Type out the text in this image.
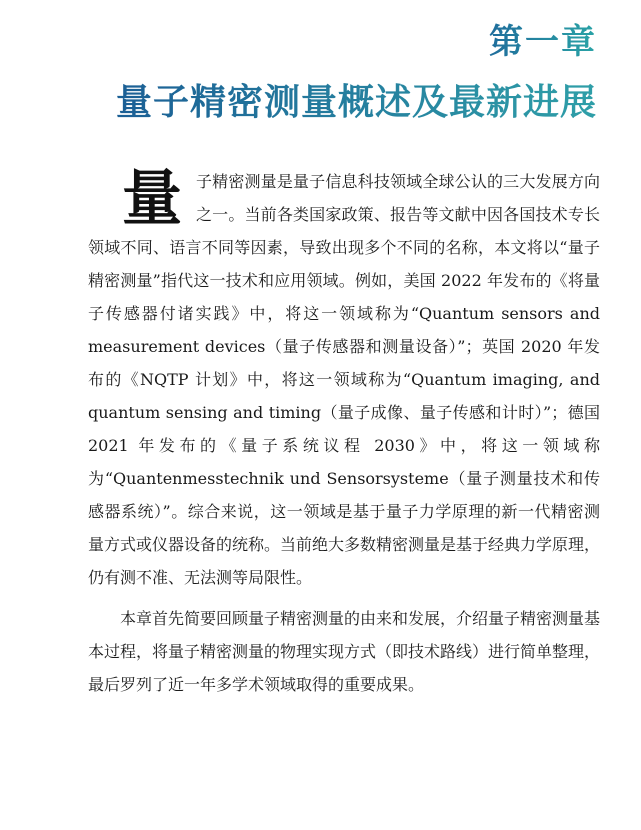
第一章
量子精密测量概述及最新进展

量子精密测量是量子信息科技领域全球公认的三大发展方向之一。当前各类国家政策、报告等文献中因各国技术专长领域不同、语言不同等因素，导致出现多个不同的名称，本文将以“量子精密测量”指代这一技术和应用领域。例如，美国 2022 年发布的《将量子传感器付诸实践》中，将这一领域称为“Quantum sensors and measurement devices（量子传感器和测量设备）”；英国 2020 年发布的《NQTP 计划》中，将这一领域称为“Quantum imaging, and quantum sensing and timing（量子成像、量子传感和计时）”；德国 2021 年发布的《量子系统议程 2030》中，将这一领域称为“Quantenmesstechnik und Sensorsysteme（量子测量技术和传感器系统）”。综合来说，这一领域是基于量子力学原理的新一代精密测量方式或仪器设备的统称。当前绝大多数精密测量是基于经典力学原理，仍有测不准、无法测等局限性。

本章首先简要回顾量子精密测量的由来和发展，介绍量子精密测量基本过程，将量子精密测量的物理实现方式（即技术路线）进行简单整理，最后罗列了近一年多学术领域取得的重要成果。
